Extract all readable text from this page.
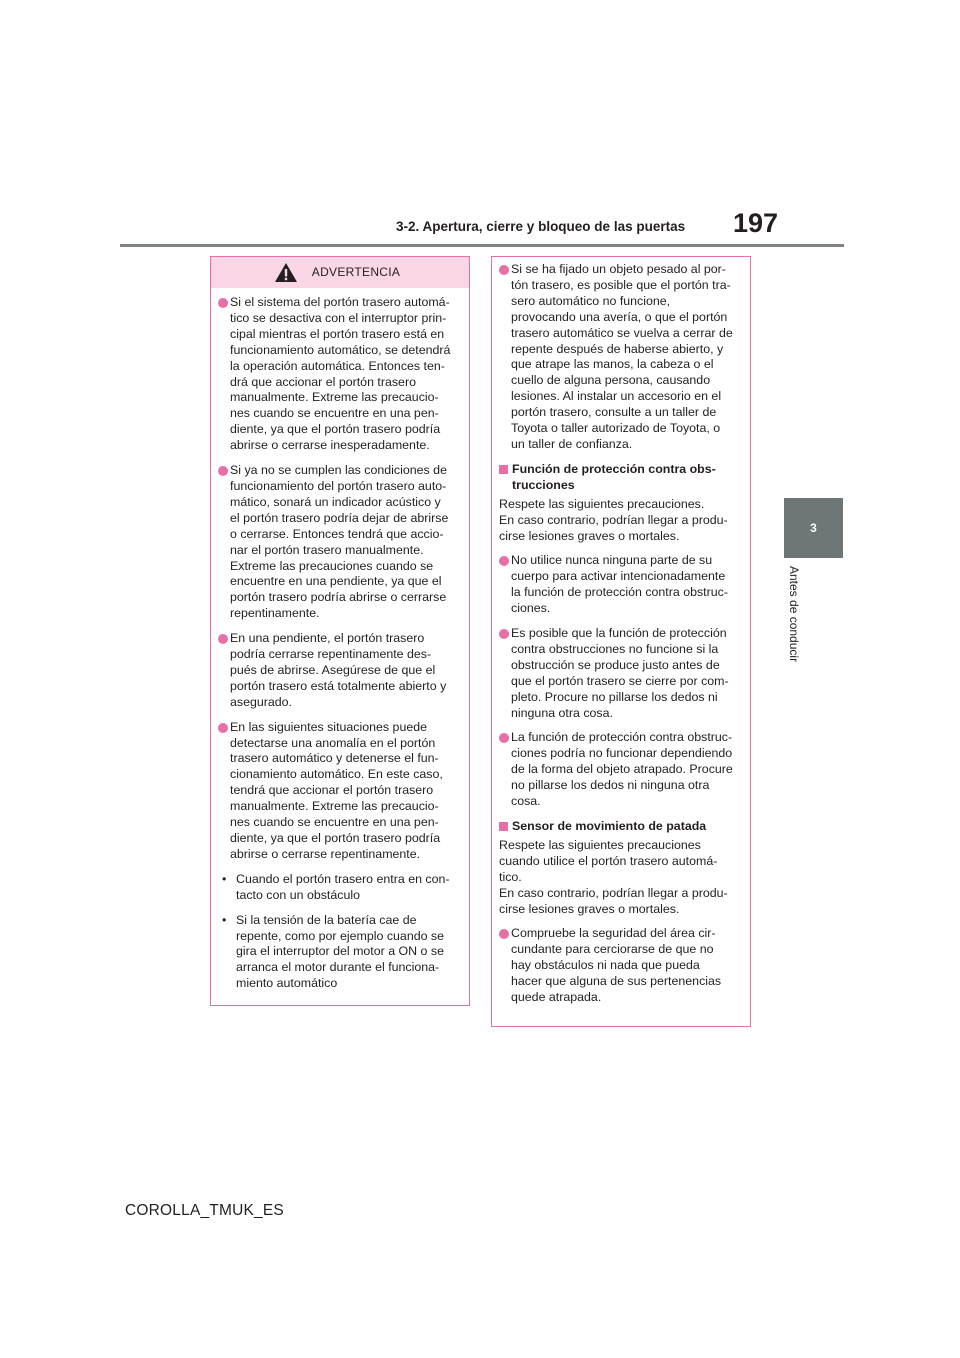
3-2. Apertura, cierre y bloqueo de las puertas 197
3
Antes de conducir
ADVERTENCIA
Si el sistema del portón trasero automá-
tico se desactiva con el interruptor prin-
cipal mientras el portón trasero está en
funcionamiento automático, se detendrá
la operación automática. Entonces ten-
drá que accionar el portón trasero
manualmente. Extreme las precaucio-
nes cuando se encuentre en una pen-
diente, ya que el portón trasero podría
abrirse o cerrarse inesperadamente.
Si ya no se cumplen las condiciones de
funcionamiento del portón trasero auto-
mático, sonará un indicador acústico y
el portón trasero podría dejar de abrirse
o cerrarse. Entonces tendrá que accio-
nar el portón trasero manualmente.
Extreme las precauciones cuando se
encuentre en una pendiente, ya que el
portón trasero podría abrirse o cerrarse
repentinamente.
En una pendiente, el portón trasero
podría cerrarse repentinamente des-
pués de abrirse. Asegúrese de que el
portón trasero está totalmente abierto y
asegurado.
En las siguientes situaciones puede
detectarse una anomalía en el portón
trasero automático y detenerse el fun-
cionamiento automático. En este caso,
tendrá que accionar el portón trasero
manualmente. Extreme las precaucio-
nes cuando se encuentre en una pen-
diente, ya que el portón trasero podría
abrirse o cerrarse repentinamente.
• Cuando el portón trasero entra en con-
tacto con un obstáculo
• Si la tensión de la batería cae de
repente, como por ejemplo cuando se
gira el interruptor del motor a ON o se
arranca el motor durante el funciona-
miento automático
Si se ha fijado un objeto pesado al por-
tón trasero, es posible que el portón tra-
sero automático no funcione,
provocando una avería, o que el portón
trasero automático se vuelva a cerrar de
repente después de haberse abierto, y
que atrape las manos, la cabeza o el
cuello de alguna persona, causando
lesiones. Al instalar un accesorio en el
portón trasero, consulte a un taller de
Toyota o taller autorizado de Toyota, o
un taller de confianza.
Función de protección contra obs-
trucciones
Respete las siguientes precauciones.
En caso contrario, podrían llegar a produ-
cirse lesiones graves o mortales.
No utilice nunca ninguna parte de su
cuerpo para activar intencionadamente
la función de protección contra obstruc-
ciones.
Es posible que la función de protección
contra obstrucciones no funcione si la
obstrucción se produce justo antes de
que el portón trasero se cierre por com-
pleto. Procure no pillarse los dedos ni
ninguna otra cosa.
La función de protección contra obstruc-
ciones podría no funcionar dependiendo
de la forma del objeto atrapado. Procure
no pillarse los dedos ni ninguna otra
cosa.
Sensor de movimiento de patada
Respete las siguientes precauciones
cuando utilice el portón trasero automá-
tico.
En caso contrario, podrían llegar a produ-
cirse lesiones graves o mortales.
Compruebe la seguridad del área cir-
cundante para cerciorarse de que no
hay obstáculos ni nada que pueda
hacer que alguna de sus pertenencias
quede atrapada.
COROLLA_TMUK_ES
